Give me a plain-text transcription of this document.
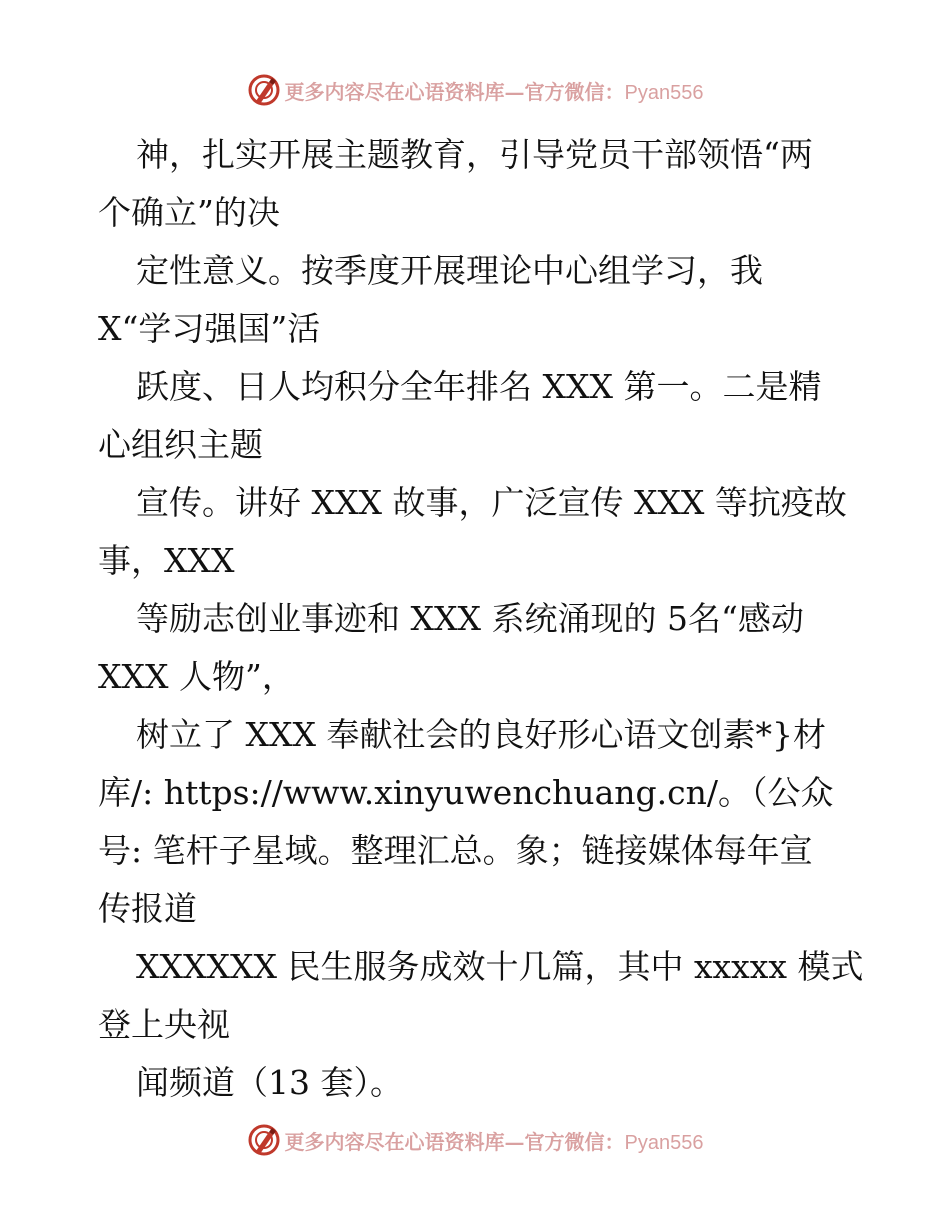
更多内容尽在心语资料库—官方微信：Pyan556
神，扎实开展主题教育，引导党员干部领悟“两
个确立”的决
定性意义。按季度开展理论中心组学习，我
X“学习强国”活
跃度、日人均积分全年排名 XXX 第一。二是精
心组织主题
宣传。讲好 XXX 故事，广泛宣传 XXX 等抗疫故
事，XXX
等励志创业事迹和 XXX 系统涌现的 5名“感动
XXX 人物”，
树立了 XXX 奉献社会的良好形心语文创素*}材
库/: https://www.xinyuwenchuang.cn/。（公众
号: 笔杆子星域。整理汇总。象；链接媒体每年宣
传报道
XXXXXX 民生服务成效十几篇，其中 xxxxx 模式
登上央视
闻频道（13 套）。
更多内容尽在心语资料库—官方微信：Pyan556
